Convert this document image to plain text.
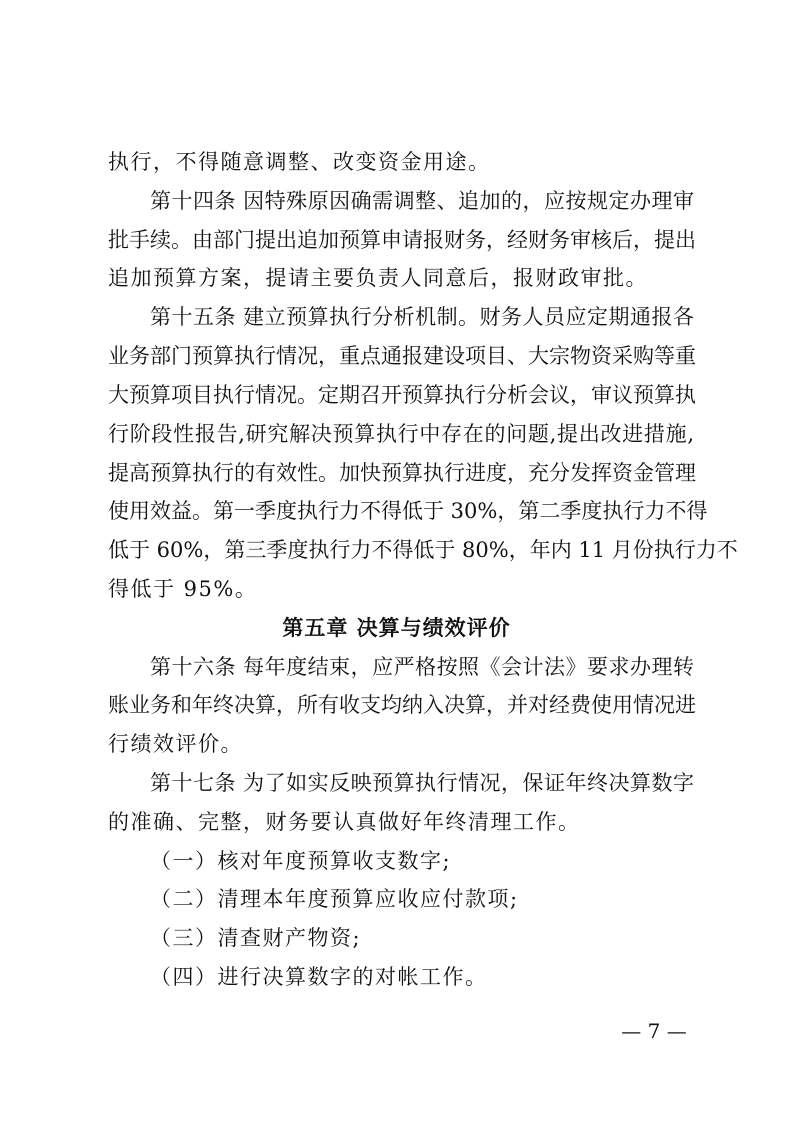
执行，不得随意调整、改变资金用途。
第十四条 因特殊原因确需调整、追加的，应按规定办理审
批手续。由部门提出追加预算申请报财务，经财务审核后，提出
追加预算方案，提请主要负责人同意后，报财政审批。
第十五条 建立预算执行分析机制。财务人员应定期通报各
业务部门预算执行情况，重点通报建设项目、大宗物资采购等重
大预算项目执行情况。定期召开预算执行分析会议，审议预算执
行阶段性报告,研究解决预算执行中存在的问题,提出改进措施,
提高预算执行的有效性。加快预算执行进度，充分发挥资金管理
使用效益。第一季度执行力不得低于 30%，第二季度执行力不得
低于 60%，第三季度执行力不得低于 80%，年内 11 月份执行力不
得低于 95%。
第五章 决算与绩效评价
第十六条 每年度结束，应严格按照《会计法》要求办理转
账业务和年终决算，所有收支均纳入决算，并对经费使用情况进
行绩效评价。
第十七条 为了如实反映预算执行情况，保证年终决算数字
的准确、完整，财务要认真做好年终清理工作。
（一）核对年度预算收支数字;
（二）清理本年度预算应收应付款项;
（三）清查财产物资;
（四）进行决算数字的对帐工作。
— 7 —
